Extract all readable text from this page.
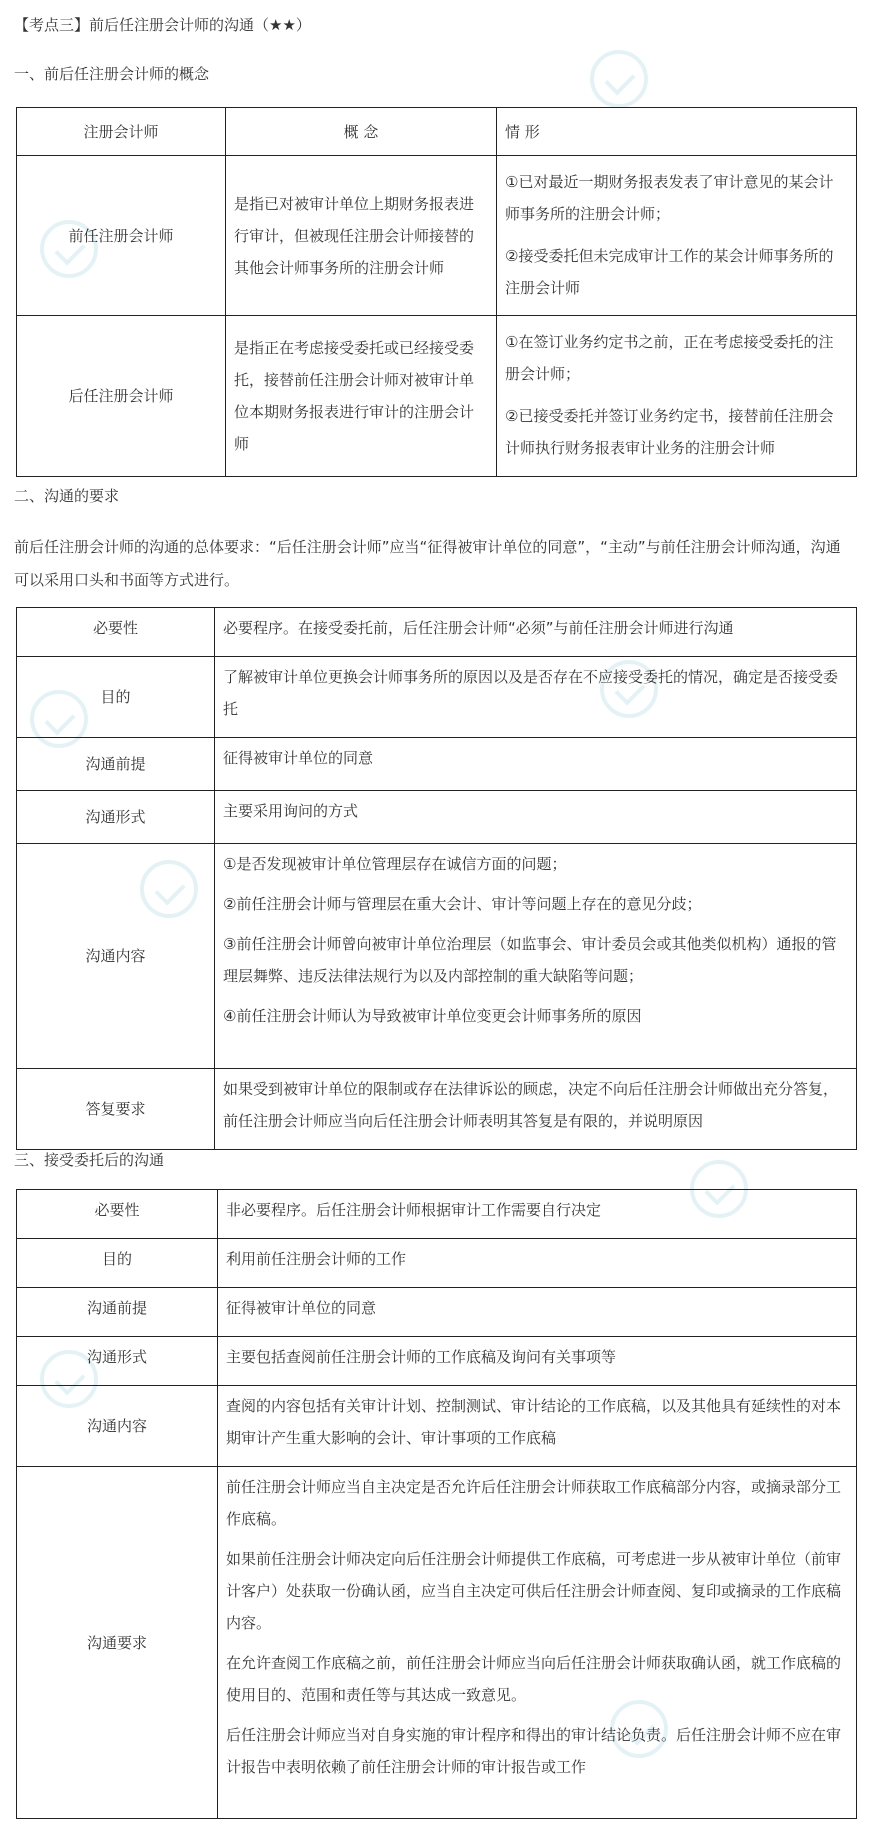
【考点三】前后任注册会计师的沟通（★★）

一、前后任注册会计师的概念

注册会计师	概 念	情 形
前任注册会计师	是指已对被审计单位上期财务报表进行审计，但被现任注册会计师接替的其他会计师事务所的注册会计师	①已对最近一期财务报表发表了审计意见的某会计师事务所的注册会计师；

②接受委托但未完成审计工作的某会计师事务所的注册会计师

后任注册会计师	是指正在考虑接受委托或已经接受委托，接替前任注册会计师对被审计单位本期财务报表进行审计的注册会计师	①在签订业务约定书之前，正在考虑接受委托的注册会计师；

②已接受委托并签订业务约定书，接替前任注册会计师执行财务报表审计业务的注册会计师

二、沟通的要求

前后任注册会计师的沟通的总体要求：“后任注册会计师”应当“征得被审计单位的同意”，“主动”与前任注册会计师沟通，沟通可以采用口头和书面等方式进行。

必要性	必要程序。在接受委托前，后任注册会计师“必须”与前任注册会计师进行沟通
目的	了解被审计单位更换会计师事务所的原因以及是否存在不应接受委托的情况，确定是否接受委托
沟通前提	征得被审计单位的同意
沟通形式	主要采用询问的方式
沟通内容	①是否发现被审计单位管理层存在诚信方面的问题；

②前任注册会计师与管理层在重大会计、审计等问题上存在的意见分歧；

③前任注册会计师曾向被审计单位治理层（如监事会、审计委员会或其他类似机构）通报的管理层舞弊、违反法律法规行为以及内部控制的重大缺陷等问题；

④前任注册会计师认为导致被审计单位变更会计师事务所的原因

答复要求	如果受到被审计单位的限制或存在法律诉讼的顾虑，决定不向后任注册会计师做出充分答复，前任注册会计师应当向后任注册会计师表明其答复是有限的，并说明原因

三、接受委托后的沟通

必要性	非必要程序。后任注册会计师根据审计工作需要自行决定
目的	利用前任注册会计师的工作
沟通前提	征得被审计单位的同意
沟通形式	主要包括查阅前任注册会计师的工作底稿及询问有关事项等
沟通内容	查阅的内容包括有关审计计划、控制测试、审计结论的工作底稿，以及其他具有延续性的对本期审计产生重大影响的会计、审计事项的工作底稿
沟通要求	前任注册会计师应当自主决定是否允许后任注册会计师获取工作底稿部分内容，或摘录部分工作底稿。

如果前任注册会计师决定向后任注册会计师提供工作底稿，可考虑进一步从被审计单位（前审计客户）处获取一份确认函，应当自主决定可供后任注册会计师查阅、复印或摘录的工作底稿内容。

在允许查阅工作底稿之前，前任注册会计师应当向后任注册会计师获取确认函，就工作底稿的使用目的、范围和责任等与其达成一致意见。

后任注册会计师应当对自身实施的审计程序和得出的审计结论负责。后任注册会计师不应在审计报告中表明依赖了前任注册会计师的审计报告或工作
